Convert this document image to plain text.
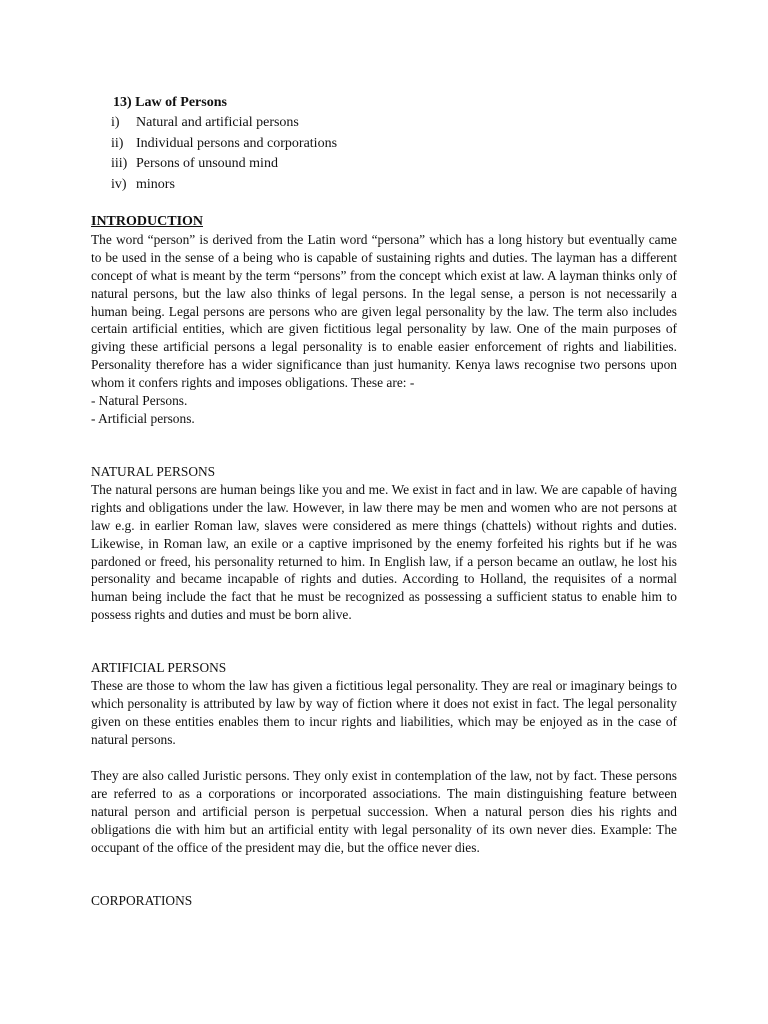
13) Law of Persons
i)	Natural and artificial persons
ii) Individual persons and corporations
iii) Persons of unsound mind
iv) minors
INTRODUCTION

The word “person” is derived from the Latin word “persona” which has a long history but eventually came to be used in the sense of a being who is capable of sustaining rights and duties. The layman has a different concept of what is meant by the term “persons” from the concept which exist at law. A layman thinks only of natural persons, but the law also thinks of legal persons. In the legal sense, a person is not necessarily a human being. Legal persons are persons who are given legal personality by the law. The term also includes certain artificial entities, which are given fictitious legal personality by law. One of the main purposes of giving these artificial persons a legal personality is to enable easier enforcement of rights and liabilities. Personality therefore has a wider significance than just humanity. Kenya laws recognise two persons upon whom it confers rights and imposes obligations. These are: -

- Natural Persons.

- Artificial persons.

NATURAL PERSONS

The natural persons are human beings like you and me. We exist in fact and in law. We are capable of having rights and obligations under the law. However, in law there may be men and women who are not persons at law e.g. in earlier Roman law, slaves were considered as mere things (chattels) without rights and duties. Likewise, in Roman law, an exile or a captive imprisoned by the enemy forfeited his rights but if he was pardoned or freed, his personality returned to him. In English law, if a person became an outlaw, he lost his personality and became incapable of rights and duties. According to Holland, the requisites of a normal human being include the fact that he must be recognized as possessing a sufficient status to enable him to possess rights and duties and must be born alive.

ARTIFICIAL PERSONS

These are those to whom the law has given a fictitious legal personality. They are real or imaginary beings to which personality is attributed by law by way of fiction where it does not exist in fact. The legal personality given on these entities enables them to incur rights and liabilities, which may be enjoyed as in the case of natural persons.

They are also called Juristic persons. They only exist in contemplation of the law, not by fact. These persons are referred to as a corporations or incorporated associations. The main distinguishing feature between natural person and artificial person is perpetual succession. When a natural person dies his rights and obligations die with him but an artificial entity with legal personality of its own never dies. Example: The occupant of the office of the president may die, but the office never dies.

CORPORATIONS
